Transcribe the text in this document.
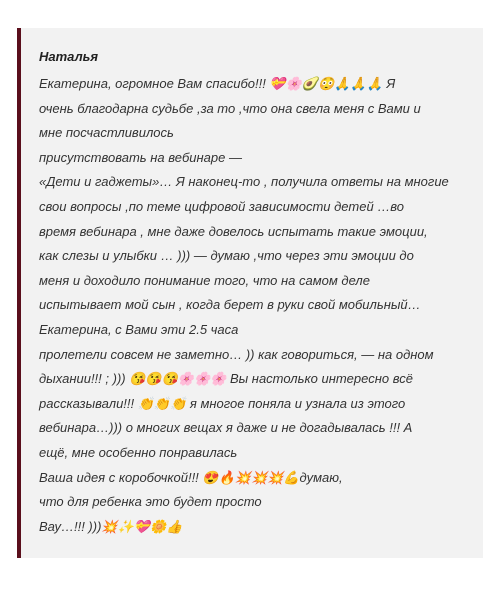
Наталья
Екатерина, огромное Вам спасибо!!! 💝🌸🥑😳🙏🙏🙏 Я
очень благодарна судьбе ,за то ,что она свела меня с Вами и
мне посчастливилось
присутствовать на вебинаре —
«Дети и гаджеты»… Я наконец-то , получила ответы на многие
свои вопросы ,по теме цифровой зависимости детей …во
время вебинара , мне даже довелось испытать такие эмоции,
как слезы и улыбки … ))) — думаю ,что через эти эмоции до
меня и доходило понимание того, что на самом деле
испытывает мой сын , когда берет в руки свой мобильный…
Екатерина, с Вами эти 2.5 часа
пролетели совсем не заметно… )) как говориться, — на одном
дыхании!!! ; ))) 😘😘😘🌸🌸🌸 Вы настолько интересно всё
рассказывали!!! 👏👏👏 я многое поняла и узнала из этого
вебинара…))) о многих вещах я даже и не догадывалась !!! А
ещё, мне особенно понравилась
Ваша идея с коробочкой!!! 😍🔥💥💥💥💪думаю,
что для ребенка это будет просто
Вау…!!! )))💥✨💝🌼👍
